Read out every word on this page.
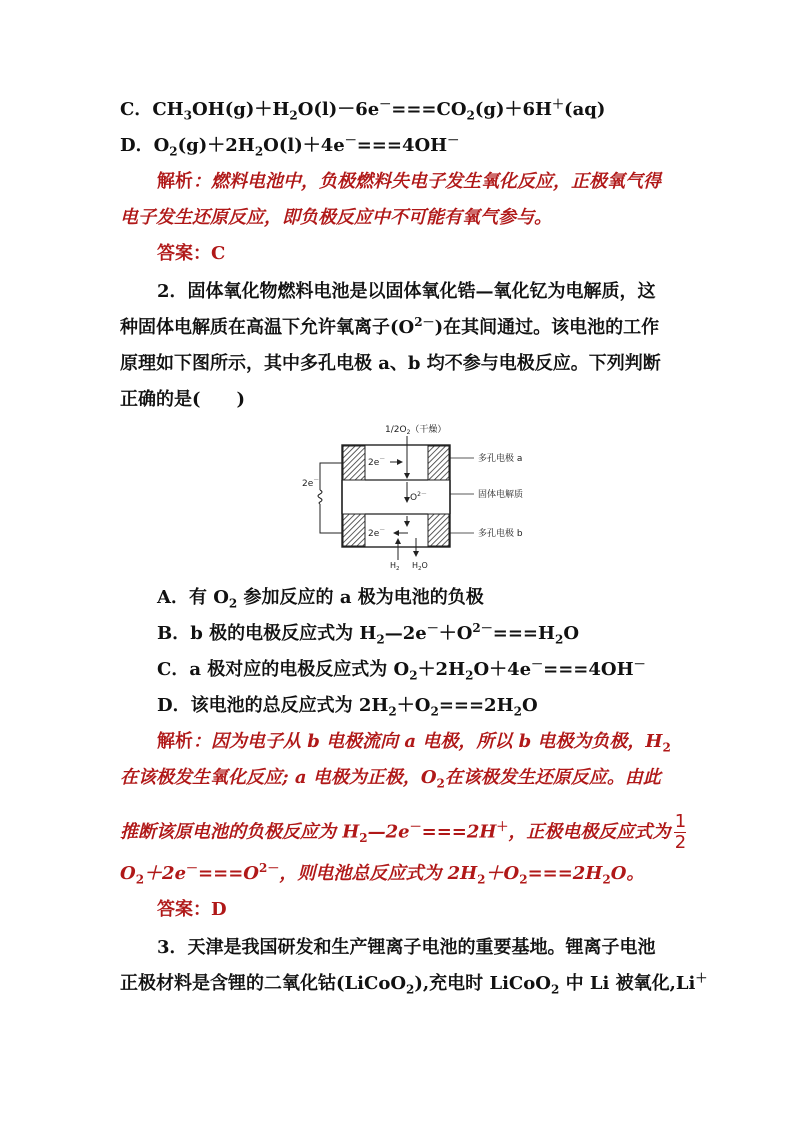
C．$CH_3OH(g)+H_2O(l)-6e^-===CO_2(g)+6H^+(aq)$

D．$O_2(g)+2H_2O(l)+4e^-===4OH^-$

解析：燃料电池中，负极燃料失电子发生氧化反应，正极氧气得

电子发生还原反应，即负极反应中不可能有氧气参与。

答案：C

2．固体氧化物燃料电池是以固体氧化锆—氧化钇为电解质，这

种固体电解质在高温下允许氧离子$(O^{2-})$在其间通过。该电池的工作

原理如下图所示，其中多孔电极 a、b 均不参与电极反应。下列判断

正确的是(　　)

$1/2O_2$（干燥）
2e－
$O^{2-}$
2e－
$H_2$ $H_2O$
2e－
多孔电极 a
固体电解质
多孔电极 b

A．有 $O_2$ 参加反应的 a 极为电池的负极

B．b 极的电极反应式为 $H_2—2e^-+O^{2-}===H_2O$

C．a 极对应的电极反应式为 $O_2+2H_2O+4e^-===4OH^-$

D．该电池的总反应式为 $2H_2+O_2===2H_2O$

解析：因为电子从 b 电极流向 a 电极，所以 b 电极为负极，$H_2$

在该极发生氧化反应; a 电极为正极，$O_2$在该极发生还原反应。由此

推断该原电池的负极反应为 $H_2—2e^-===2H^+$，正极电极反应式为 $\frac{1}{2}$

$O_2+2e^-===O^{2-}$，则电池总反应式为 $2H_2+O_2===2H_2O$。

答案：D

3．天津是我国研发和生产锂离子电池的重要基地。锂离子电池

正极材料是含锂的二氧化钴(LiCoO$_2$),充电时 LiCoO$_2$ 中 Li 被氧化,Li＋
